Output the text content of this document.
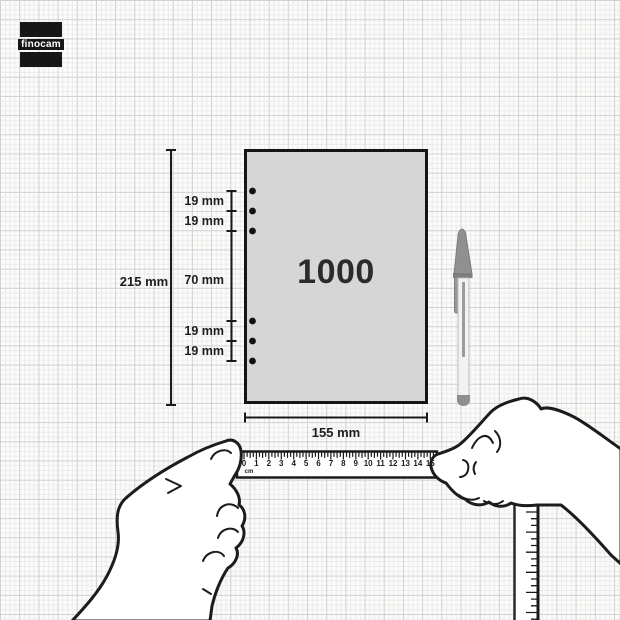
finocam
215 mm
19 mm
19 mm
70 mm
19 mm
19 mm
155 mm
1000
0 1 2 3 4 5 6 7 8 9 10 11 12 13 14 15
cm
